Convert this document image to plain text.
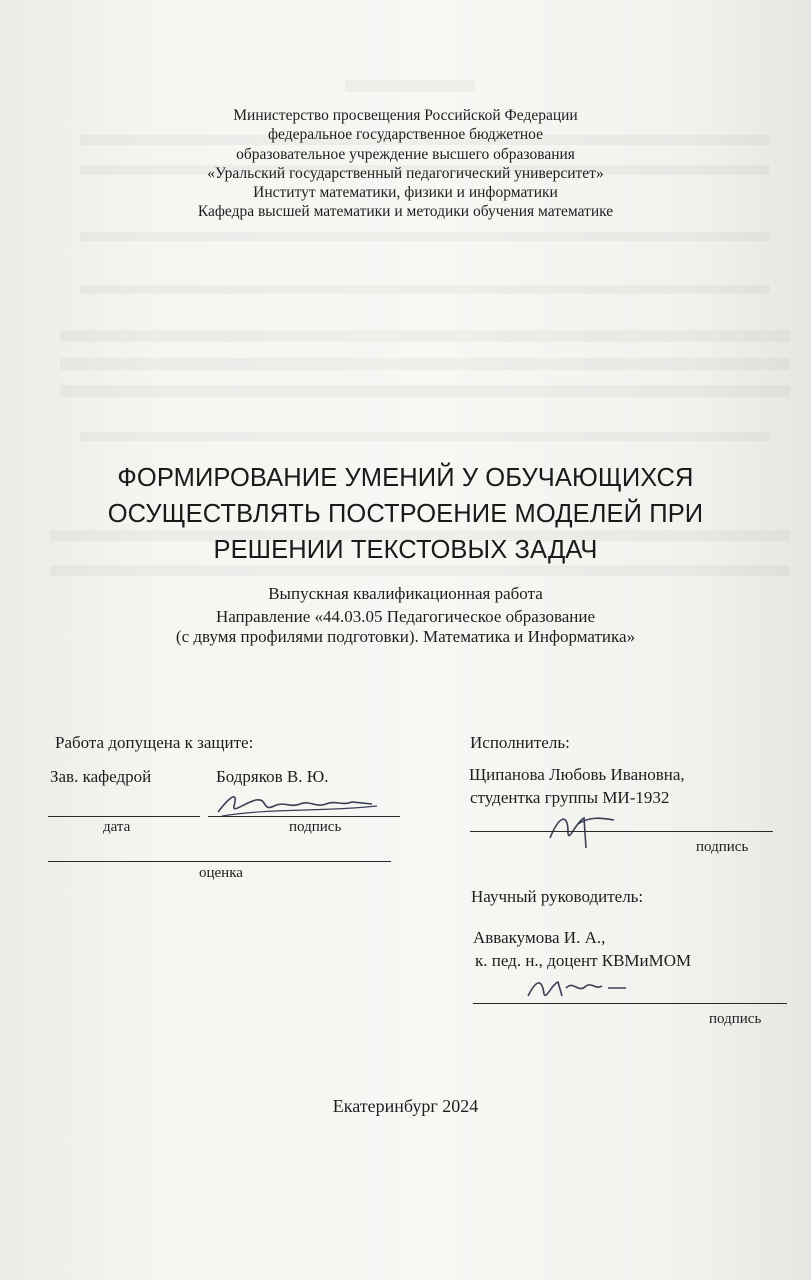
Министерство просвещения Российской Федерации
федеральное государственное бюджетное
образовательное учреждение высшего образования
«Уральский государственный педагогический университет»
Институт математики, физики и информатики
Кафедра высшей математики и методики обучения математике
ФОРМИРОВАНИЕ УМЕНИЙ У ОБУЧАЮЩИХСЯ
ОСУЩЕСТВЛЯТЬ ПОСТРОЕНИЕ МОДЕЛЕЙ ПРИ
РЕШЕНИИ ТЕКСТОВЫХ ЗАДАЧ
Выпускная квалификационная работа
Направление «44.03.05 Педагогическое образование
(с двумя профилями подготовки). Математика и Информатика»
Работа допущена к защите:
Зав. кафедрой	Бодряков В. Ю.
дата	подпись
оценка
Исполнитель:
Щипанова Любовь Ивановна,
студентка группы МИ-1932
подпись
Научный руководитель:
Аввакумова И. А.,
к. пед. н., доцент КВМиМОМ
подпись
Екатеринбург 2024
